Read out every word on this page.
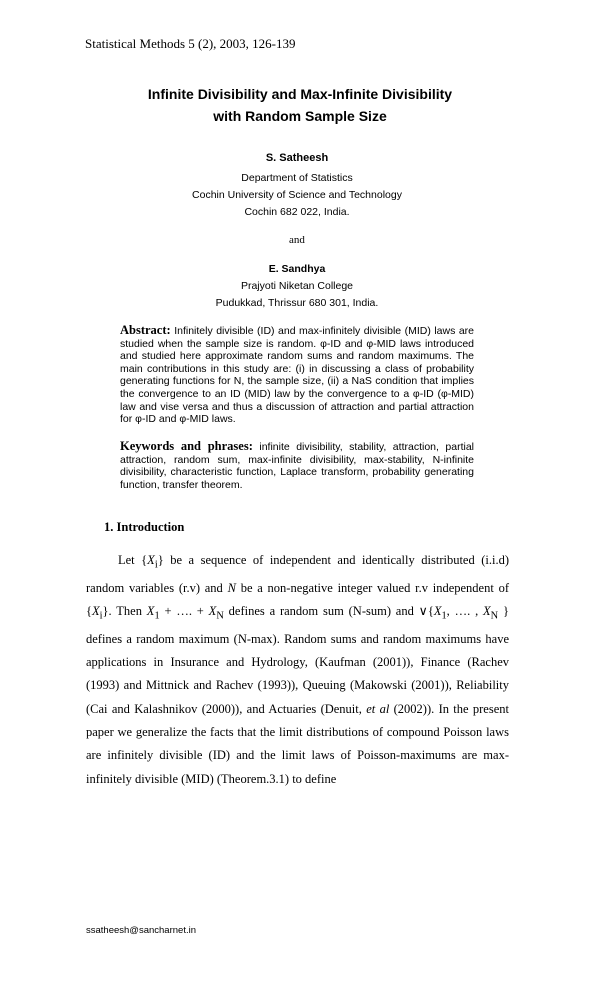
Statistical Methods 5 (2), 2003, 126-139
Infinite Divisibility and Max-Infinite Divisibility
with Random Sample Size
S. Satheesh
Department of Statistics
Cochin University of Science and Technology
Cochin 682 022, India.
and
E. Sandhya
Prajyoti Niketan College
Pudukkad, Thrissur 680 301, India.
Abstract: Infinitely divisible (ID) and max-infinitely divisible (MID) laws are studied when the sample size is random. φ-ID and φ-MID laws introduced and studied here approximate random sums and random maximums. The main contributions in this study are: (i) in discussing a class of probability generating functions for N, the sample size, (ii) a NaS condition that implies the convergence to an ID (MID) law by the convergence to a φ-ID (φ-MID) law and vise versa and thus a discussion of attraction and partial attraction for φ-ID and φ-MID laws.
Keywords and phrases: infinite divisibility, stability, attraction, partial attraction, random sum, max-infinite divisibility, max-stability, N-infinite divisibility, characteristic function, Laplace transform, probability generating function, transfer theorem.
1. Introduction

Let $\{X_i\}$ be a sequence of independent and identically distributed (i.i.d) random variables (r.v) and N be a non-negative integer valued r.v independent of $\{X_i\}$. Then $X_1$ + …. + $X_N$ defines a random sum (N-sum) and $\vee\{X_1$, …. , $X_N$ } defines a random maximum (N-max). Random sums and random maximums have applications in Insurance and Hydrology, (Kaufman (2001)), Finance (Rachev (1993) and Mittnick and Rachev (1993)), Queuing (Makowski (2001)), Reliability (Cai and Kalashnikov (2000)), and Actuaries (Denuit, et al (2002)). In the present paper we generalize the facts that the limit distributions of compound Poisson laws are infinitely divisible (ID) and the limit laws of Poisson-maximums are max-infinitely divisible (MID) (Theorem.3.1) to define

ssatheesh@sancharnet.in
